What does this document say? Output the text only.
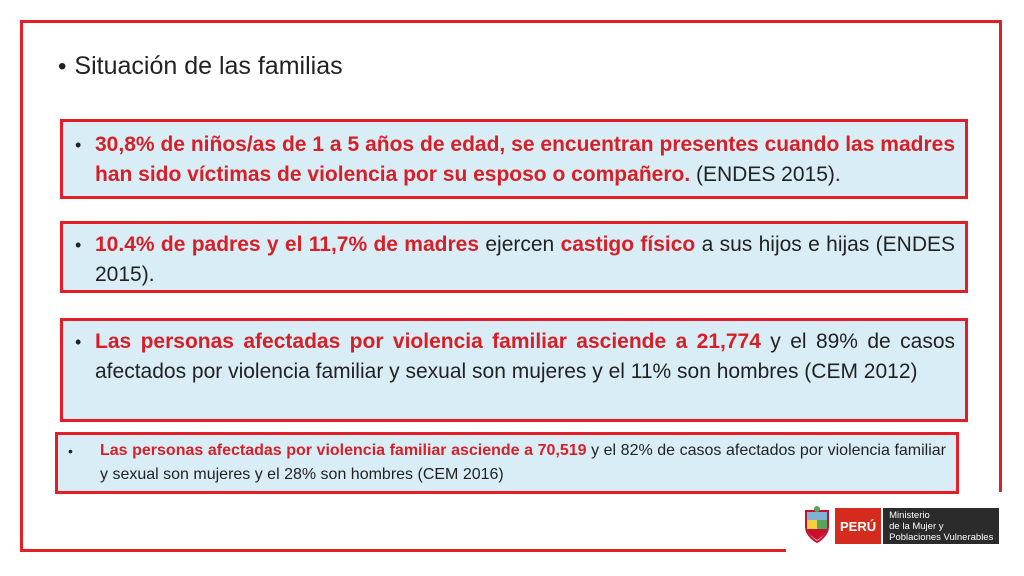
• Situación de las familias
• 30,8% de niños/as de 1 a 5 años de edad, se encuentran presentes cuando las madres han sido víctimas de violencia por su esposo o compañero. (ENDES 2015).
• 10.4% de padres y el 11,7% de madres ejercen castigo físico a sus hijos e hijas (ENDES 2015).
• Las personas afectadas por violencia familiar asciende a 21,774 y el 89% de casos afectados por violencia familiar y sexual son mujeres y el 11% son hombres (CEM 2012)
•	Las personas afectadas por violencia familiar asciende a 70,519 y el 82% de casos afectados por violencia familiar y sexual son mujeres y el 28% son hombres (CEM 2016)
PERÚ
Ministerio
de la Mujer y
Poblaciones Vulnerables
